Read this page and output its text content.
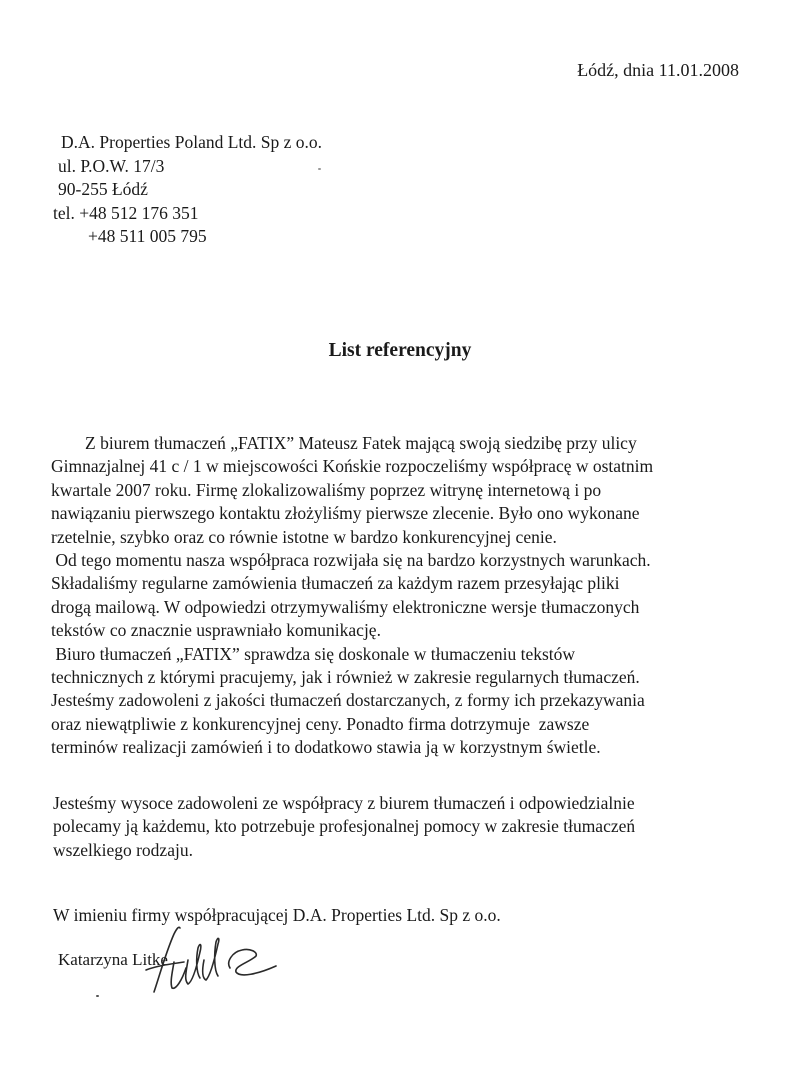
Łódź, dnia 11.01.2008
D.A. Properties Poland Ltd. Sp z o.o.
ul. P.O.W. 17/3
90-255 Łódź
tel. +48 512 176 351
+48 511 005 795
List referencyjny
Z biurem tłumaczeń „FATIX” Mateusz Fatek mającą swoją siedzibę przy ulicy
Gimnazjalnej 41 c / 1 w miejscowości Końskie rozpoczeliśmy współpracę w ostatnim
kwartale 2007 roku. Firmę zlokalizowaliśmy poprzez witrynę internetową i po
nawiązaniu pierwszego kontaktu złożyliśmy pierwsze zlecenie. Było ono wykonane
rzetelnie, szybko oraz co równie istotne w bardzo konkurencyjnej cenie.
Od tego momentu nasza współpraca rozwijała się na bardzo korzystnych warunkach.
Składaliśmy regularne zamówienia tłumaczeń za każdym razem przesyłając pliki
drogą mailową. W odpowiedzi otrzymywaliśmy elektroniczne wersje tłumaczonych
tekstów co znacznie usprawniało komunikację.
Biuro tłumaczeń „FATIX” sprawdza się doskonale w tłumaczeniu tekstów
technicznych z którymi pracujemy, jak i również w zakresie regularnych tłumaczeń.
Jesteśmy zadowoleni z jakości tłumaczeń dostarczanych, z formy ich przekazywania
oraz niewątpliwie z konkurencyjnej ceny. Ponadto firma dotrzymuje  zawsze
terminów realizacji zamówień i to dodatkowo stawia ją w korzystnym świetle.
Jesteśmy wysoce zadowoleni ze współpracy z biurem tłumaczeń i odpowiedzialnie
polecamy ją każdemu, kto potrzebuje profesjonalnej pomocy w zakresie tłumaczeń
wszelkiego rodzaju.
W imieniu firmy współpracującej D.A. Properties Ltd. Sp z o.o.
Katarzyna Litke
